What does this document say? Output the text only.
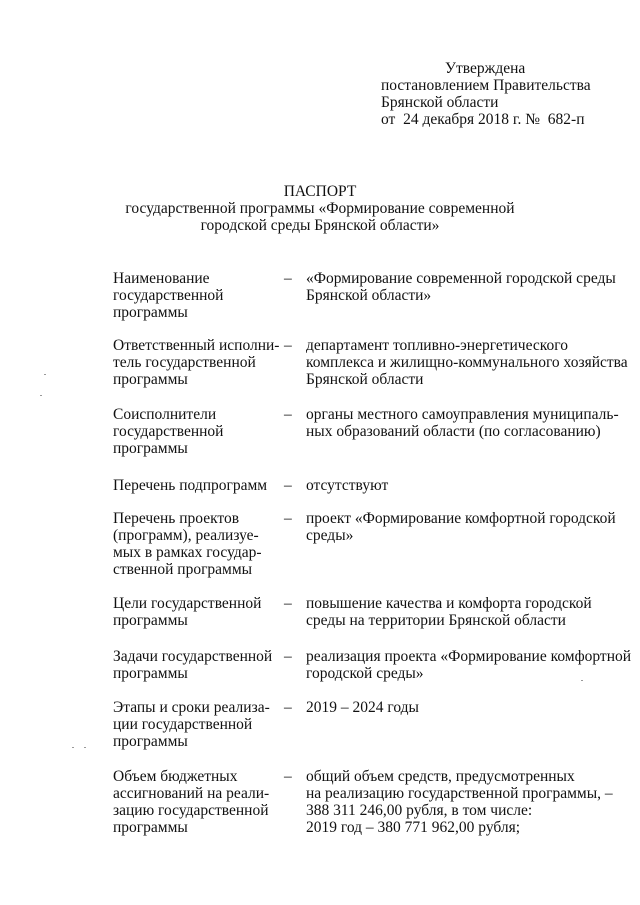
Утверждена
постановлением Правительства
Брянской области
от  24 декабря 2018 г. №  682-п
ПАСПОРТ
государственной программы «Формирование современной
городской среды Брянской области»
Наименование
государственной
программы
– «Формирование современной городской среды
Брянской области»
Ответственный исполни-
тель государственной
программы
– департамент топливно-энергетического
комплекса и жилищно-коммунального хозяйства
Брянской области
Соисполнители
государственной
программы
– органы местного самоуправления муниципаль-
ных образований области (по согласованию)
Перечень подпрограмм	– отсутствуют
Перечень проектов
(программ), реализуе-
мых в рамках государ-
ственной программы
– проект «Формирование комфортной городской
среды»
Цели государственной
программы
– повышение качества и комфорта городской
среды на территории Брянской области
Задачи государственной
программы
– реализация проекта «Формирование комфортной
городской среды»
Этапы и сроки реализа-
ции государственной
программы
– 2019 – 2024 годы
Объем бюджетных
ассигнований на реали-
зацию государственной
программы
– общий объем средств, предусмотренных
на реализацию государственной программы, –
388 311 246,00 рубля, в том числе:
2019 год – 380 771 962,00 рубля;
